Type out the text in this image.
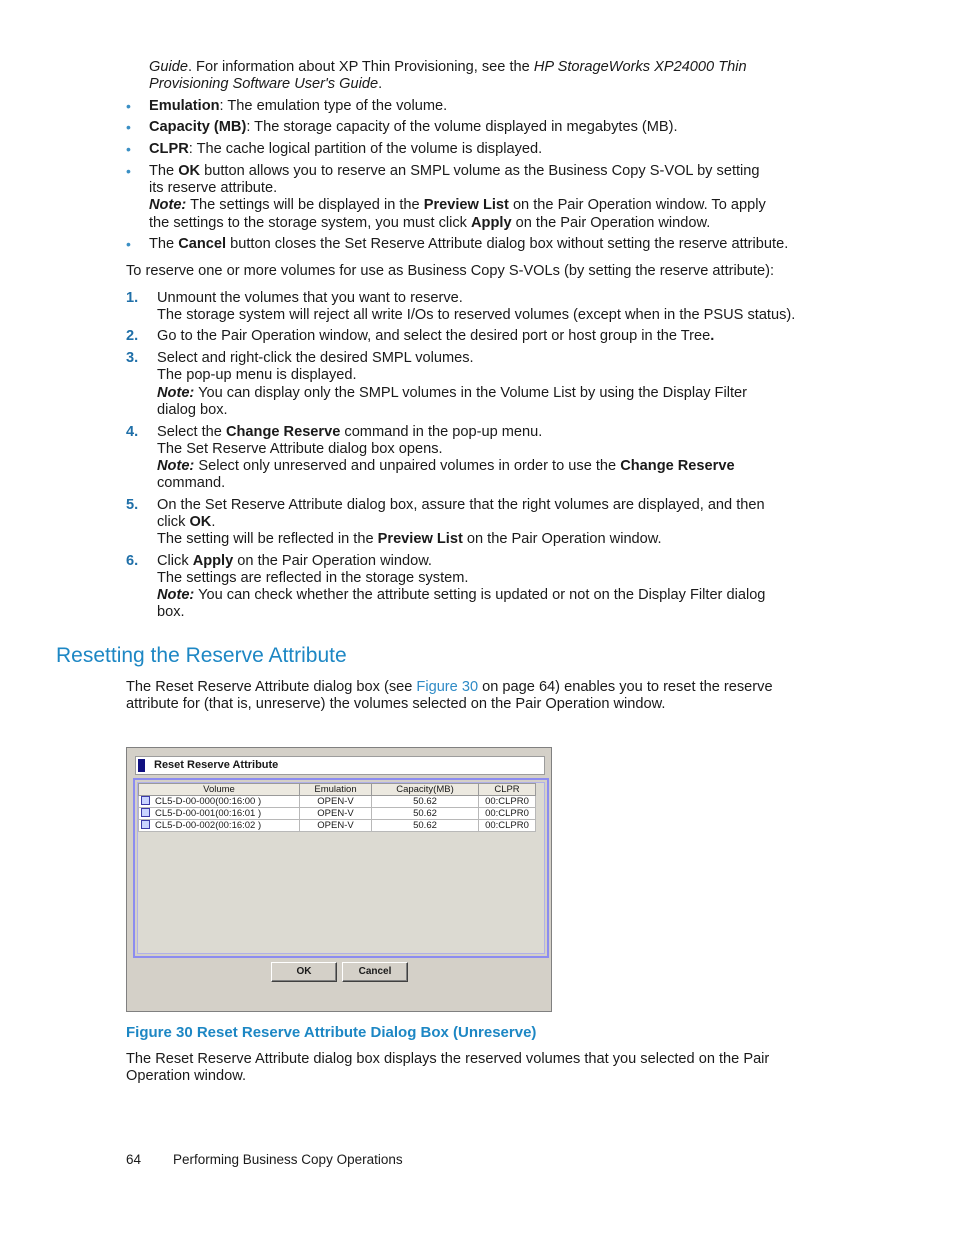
Guide. For information about XP Thin Provisioning, see the HP StorageWorks XP24000 Thin
Provisioning Software User's Guide.
• Emulation: The emulation type of the volume.
• Capacity (MB): The storage capacity of the volume displayed in megabytes (MB).
• CLPR: The cache logical partition of the volume is displayed.
• The OK button allows you to reserve an SMPL volume as the Business Copy S-VOL by setting
its reserve attribute.
Note: The settings will be displayed in the Preview List on the Pair Operation window. To apply
the settings to the storage system, you must click Apply on the Pair Operation window.
• The Cancel button closes the Set Reserve Attribute dialog box without setting the reserve attribute.
To reserve one or more volumes for use as Business Copy S-VOLs (by setting the reserve attribute):
1. Unmount the volumes that you want to reserve.
The storage system will reject all write I/Os to reserved volumes (except when in the PSUS status).
2. Go to the Pair Operation window, and select the desired port or host group in the Tree.
3. Select and right-click the desired SMPL volumes.
The pop-up menu is displayed.
Note: You can display only the SMPL volumes in the Volume List by using the Display Filter
dialog box.
4. Select the Change Reserve command in the pop-up menu.
The Set Reserve Attribute dialog box opens.
Note: Select only unreserved and unpaired volumes in order to use the Change Reserve
command.
5. On the Set Reserve Attribute dialog box, assure that the right volumes are displayed, and then
click OK.
The setting will be reflected in the Preview List on the Pair Operation window.
6. Click Apply on the Pair Operation window.
The settings are reflected in the storage system.
Note: You can check whether the attribute setting is updated or not on the Display Filter dialog
box.
Resetting the Reserve Attribute
The Reset Reserve Attribute dialog box (see Figure 30 on page 64) enables you to reset the reserve
attribute for (that is, unreserve) the volumes selected on the Pair Operation window.
Reset Reserve Attribute
Volume	Emulation	Capacity(MB)	CLPR
CL5-D-00-000(00:16:00 )	OPEN-V	50.62	00:CLPR0
CL5-D-00-001(00:16:01 )	OPEN-V	50.62	00:CLPR0
CL5-D-00-002(00:16:02 )	OPEN-V	50.62	00:CLPR0
OK	Cancel
Figure 30 Reset Reserve Attribute Dialog Box (Unreserve)
The Reset Reserve Attribute dialog box displays the reserved volumes that you selected on the Pair
Operation window.
64 Performing Business Copy Operations
